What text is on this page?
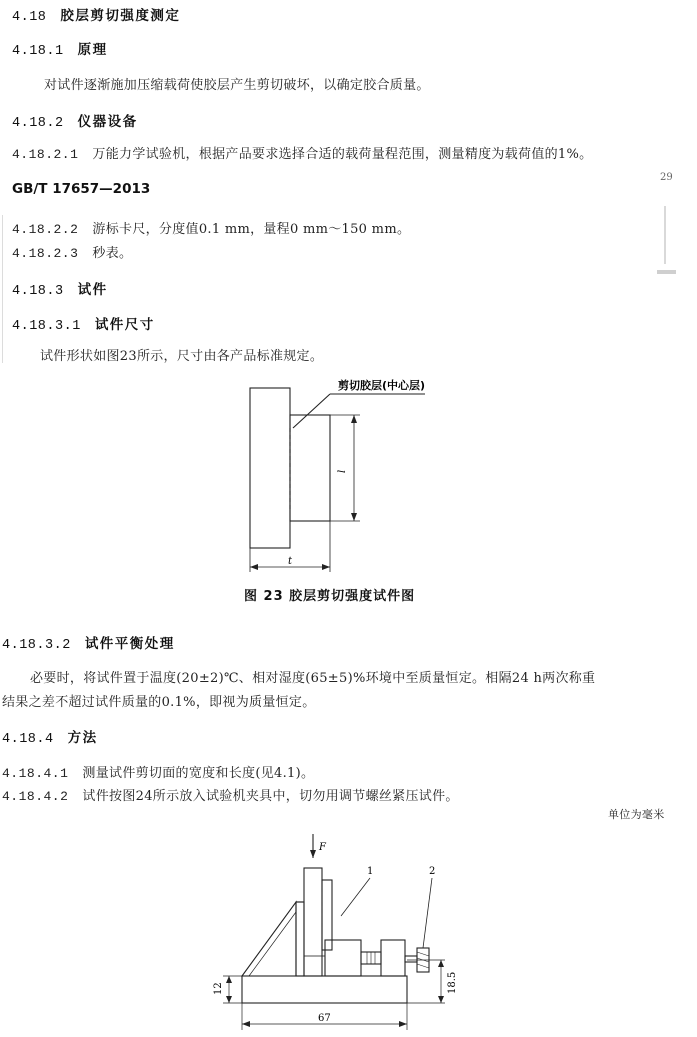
4.18 胶层剪切强度测定
4.18.1 原理
对试件逐渐施加压缩载荷使胶层产生剪切破坏，以确定胶合质量。
4.18.2 仪器设备
4.18.2.1 万能力学试验机，根据产品要求选择合适的载荷量程范围，测量精度为载荷值的1%。
GB/T 17657—2013
29
4.18.2.2 游标卡尺，分度值0.1 mm，量程0 mm～150 mm。
4.18.2.3 秒表。
4.18.3 试件
4.18.3.1 试件尺寸
试件形状如图23所示，尺寸由各产品标准规定。
剪切胶层(中心层)
l
t
图 23 胶层剪切强度试件图
4.18.3.2 试件平衡处理
必要时，将试件置于温度(20±2)℃、相对湿度(65±5)%环境中至质量恒定。相隔24 h两次称重
结果之差不超过试件质量的0.1%，即视为质量恒定。
4.18.4 方法
4.18.4.1 测量试件剪切面的宽度和长度(见4.1)。
4.18.4.2 试件按图24所示放入试验机夹具中，切勿用调节螺丝紧压试件。
单位为毫米
F
1	2
12	18.5
67
